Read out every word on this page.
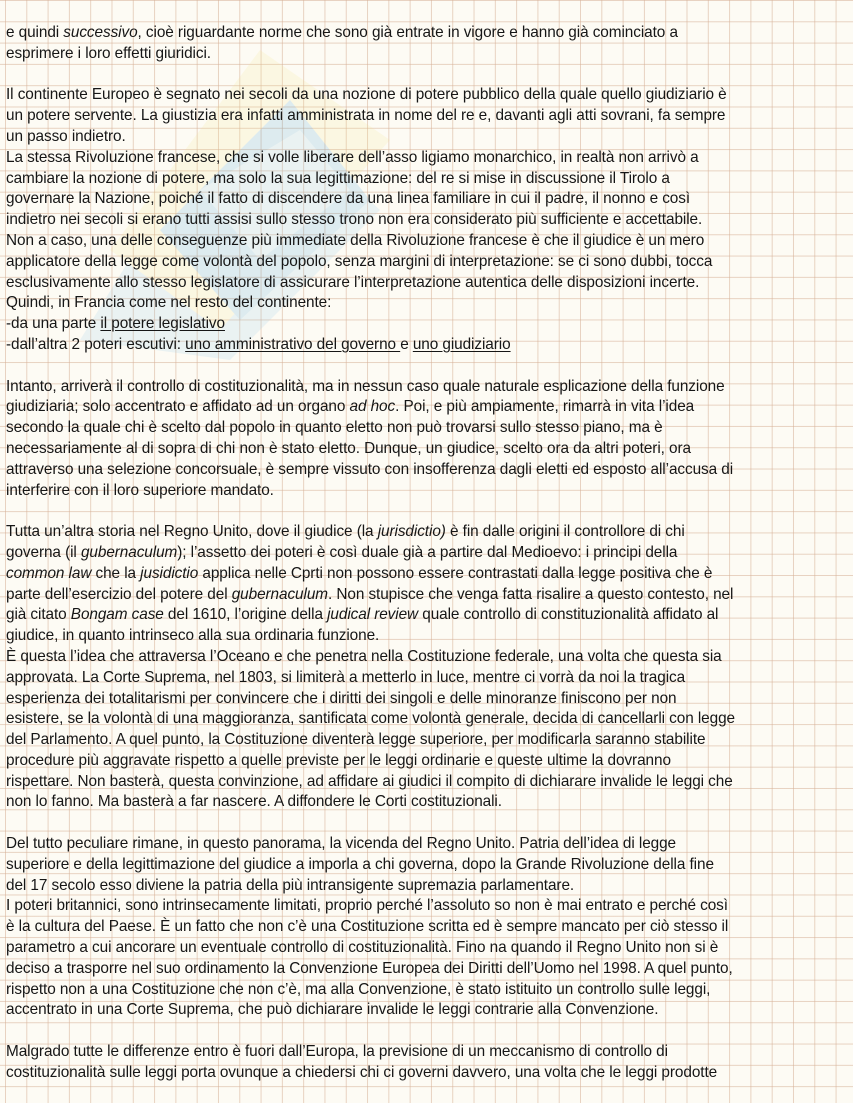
e quindi successivo, cioè riguardante norme che sono già entrate in vigore e hanno già cominciato a

esprimere i loro effetti giuridici.

Il continente Europeo è segnato nei secoli da una nozione di potere pubblico della quale quello giudiziario è

un potere servente. La giustizia era infatti amministrata in nome del re e, davanti agli atti sovrani, fa sempre

un passo indietro.

La stessa Rivoluzione francese, che si volle liberare dell’asso ligiamo monarchico, in realtà non arrivò a

cambiare la nozione di potere, ma solo la sua legittimazione: del re si mise in discussione il Tirolo a

governare la Nazione, poiché il fatto di discendere da una linea familiare in cui il padre, il nonno e così

indietro nei secoli si erano tutti assisi sullo stesso trono non era considerato più sufficiente e accettabile.

Non a caso, una delle conseguenze più immediate della Rivoluzione francese è che il giudice è un mero

applicatore della legge come volontà del popolo, senza margini di interpretazione: se ci sono dubbi, tocca

esclusivamente allo stesso legislatore di assicurare l’interpretazione autentica delle disposizioni incerte.

Quindi, in Francia come nel resto del continente:

-da una parte il potere legislativo

-dall’altra 2 poteri escutivi: uno amministrativo del governo e uno giudiziario

Intanto, arriverà il controllo di costituzionalità, ma in nessun caso quale naturale esplicazione della funzione

giudiziaria; solo accentrato e affidato ad un organo ad hoc. Poi, e più ampiamente, rimarrà in vita l’idea

secondo la quale chi è scelto dal popolo in quanto eletto non può trovarsi sullo stesso piano, ma è

necessariamente al di sopra di chi non è stato eletto. Dunque, un giudice, scelto ora da altri poteri, ora

attraverso una selezione concorsuale, è sempre vissuto con insofferenza dagli eletti ed esposto all’accusa di

interferire con il loro superiore mandato.

Tutta un’altra storia nel Regno Unito, dove il giudice (la jurisdictio) è fin dalle origini il controllore di chi

governa (il gubernaculum); l’assetto dei poteri è così duale già a partire dal Medioevo: i principi della

common law che la jusidictio applica nelle Cprti non possono essere contrastati dalla legge positiva che è

parte dell’esercizio del potere del gubernaculum. Non stupisce che venga fatta risalire a questo contesto, nel

già citato Bongam case del 1610, l’origine della judical review quale controllo di constituzionalità affidato al

giudice, in quanto intrinseco alla sua ordinaria funzione.

È questa l’idea che attraversa l’Oceano e che penetra nella Costituzione federale, una volta che questa sia

approvata. La Corte Suprema, nel 1803, si limiterà a metterlo in luce, mentre ci vorrà da noi la tragica

esperienza dei totalitarismi per convincere che i diritti dei singoli e delle minoranze finiscono per non

esistere, se la volontà di una maggioranza, santificata come volontà generale, decida di cancellarli con legge

del Parlamento. A quel punto, la Costituzione diventerà legge superiore, per modificarla saranno stabilite

procedure più aggravate rispetto a quelle previste per le leggi ordinarie e queste ultime la dovranno

rispettare. Non basterà, questa convinzione, ad affidare ai giudici il compito di dichiarare invalide le leggi che

non lo fanno. Ma basterà a far nascere. A diffondere le Corti costituzionali.

Del tutto peculiare rimane, in questo panorama, la vicenda del Regno Unito. Patria dell’idea di legge

superiore e della legittimazione del giudice a imporla a chi governa, dopo la Grande Rivoluzione della fine

del 17 secolo esso diviene la patria della più intransigente supremazia parlamentare.

I poteri britannici, sono intrinsecamente limitati, proprio perché l’assoluto so non è mai entrato e perché così

è la cultura del Paese. È un fatto che non c’è una Costituzione scritta ed è sempre mancato per ciò stesso il

parametro a cui ancorare un eventuale controllo di costituzionalità. Fino na quando il Regno Unito non si è

deciso a trasporre nel suo ordinamento la Convenzione Europea dei Diritti dell’Uomo nel 1998. A quel punto,

rispetto non a una Costituzione che non c’è, ma alla Convenzione, è stato istituito un controllo sulle leggi,

accentrato in una Corte Suprema, che può dichiarare invalide le leggi contrarie alla Convenzione.

Malgrado tutte le differenze entro è fuori dall’Europa, la previsione di un meccanismo di controllo di

costituzionalità sulle leggi porta ovunque a chiedersi chi ci governi davvero, una volta che le leggi prodotte
